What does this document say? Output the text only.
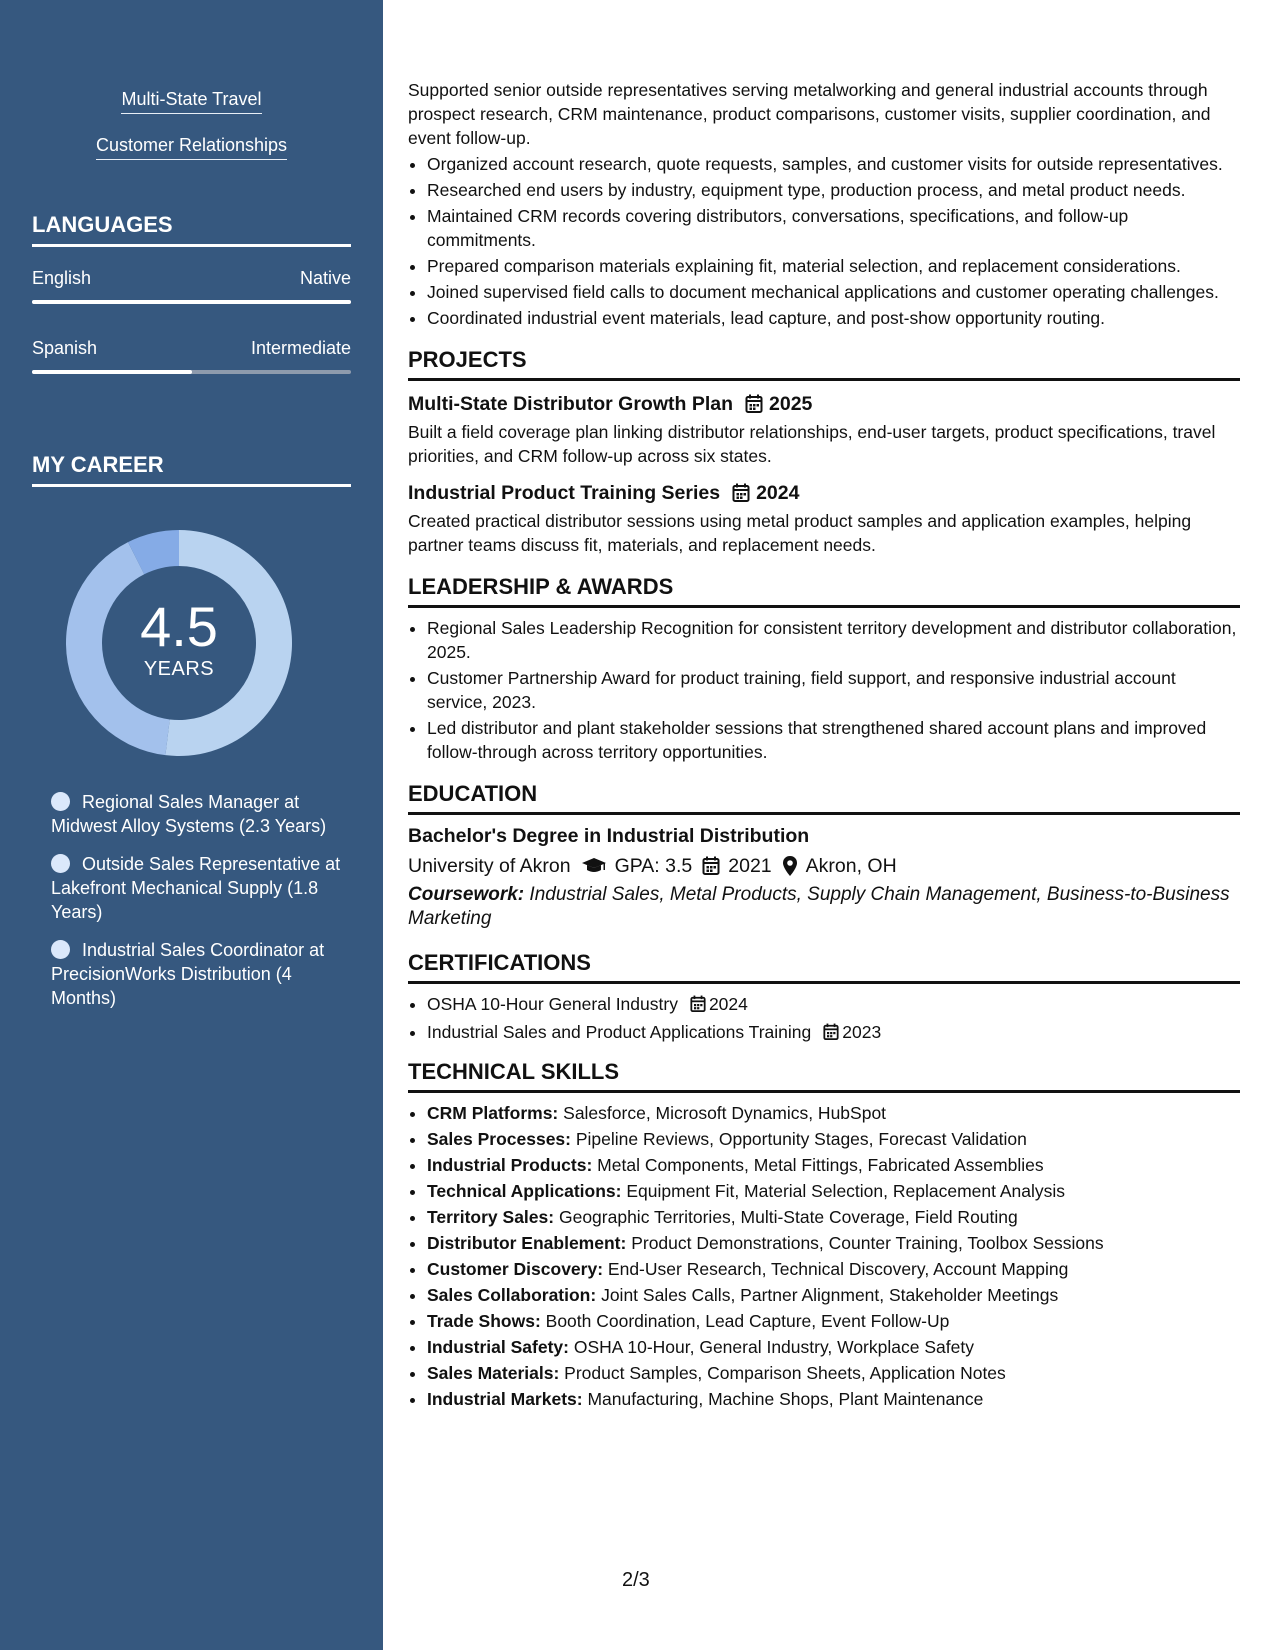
Multi-State Travel
Customer Relationships
LANGUAGES
English	Native
Spanish	Intermediate
MY CAREER
4.5
YEARS
Regional Sales Manager at Midwest Alloy Systems (2.3 Years)
Outside Sales Representative at Lakefront Mechanical Supply (1.8 Years)
Industrial Sales Coordinator at PrecisionWorks Distribution (4 Months)

Supported senior outside representatives serving metalworking and general industrial accounts through prospect research, CRM maintenance, product comparisons, customer visits, supplier coordination, and event follow-up.

• Organized account research, quote requests, samples, and customer visits for outside representatives.
• Researched end users by industry, equipment type, production process, and metal product needs.
• Maintained CRM records covering distributors, conversations, specifications, and follow-up commitments.
• Prepared comparison materials explaining fit, material selection, and replacement considerations.
• Joined supervised field calls to document mechanical applications and customer operating challenges.
• Coordinated industrial event materials, lead capture, and post-show opportunity routing.
PROJECTS
Multi-State Distributor Growth Plan 2025

Built a field coverage plan linking distributor relationships, end-user targets, product specifications, travel priorities, and CRM follow-up across six states.

Industrial Product Training Series 2024

Created practical distributor sessions using metal product samples and application examples, helping partner teams discuss fit, materials, and replacement needs.

LEADERSHIP & AWARDS
• Regional Sales Leadership Recognition for consistent territory development and distributor collaboration, 2025.
• Customer Partnership Award for product training, field support, and responsive industrial account service, 2023.
• Led distributor and plant stakeholder sessions that strengthened shared account plans and improved follow-through across territory opportunities.
EDUCATION
Bachelor's Degree in Industrial Distribution
University of Akron GPA: 3.5 2021 Akron, OH
Coursework: Industrial Sales, Metal Products, Supply Chain Management, Business-to-Business Marketing
CERTIFICATIONS
• OSHA 10-Hour General Industry 2024
• Industrial Sales and Product Applications Training 2023
TECHNICAL SKILLS
• CRM Platforms: Salesforce, Microsoft Dynamics, HubSpot
• Sales Processes: Pipeline Reviews, Opportunity Stages, Forecast Validation
• Industrial Products: Metal Components, Metal Fittings, Fabricated Assemblies
• Technical Applications: Equipment Fit, Material Selection, Replacement Analysis
• Territory Sales: Geographic Territories, Multi-State Coverage, Field Routing
• Distributor Enablement: Product Demonstrations, Counter Training, Toolbox Sessions
• Customer Discovery: End-User Research, Technical Discovery, Account Mapping
• Sales Collaboration: Joint Sales Calls, Partner Alignment, Stakeholder Meetings
• Trade Shows: Booth Coordination, Lead Capture, Event Follow-Up
• Industrial Safety: OSHA 10-Hour, General Industry, Workplace Safety
• Sales Materials: Product Samples, Comparison Sheets, Application Notes
• Industrial Markets: Manufacturing, Machine Shops, Plant Maintenance
2/3
